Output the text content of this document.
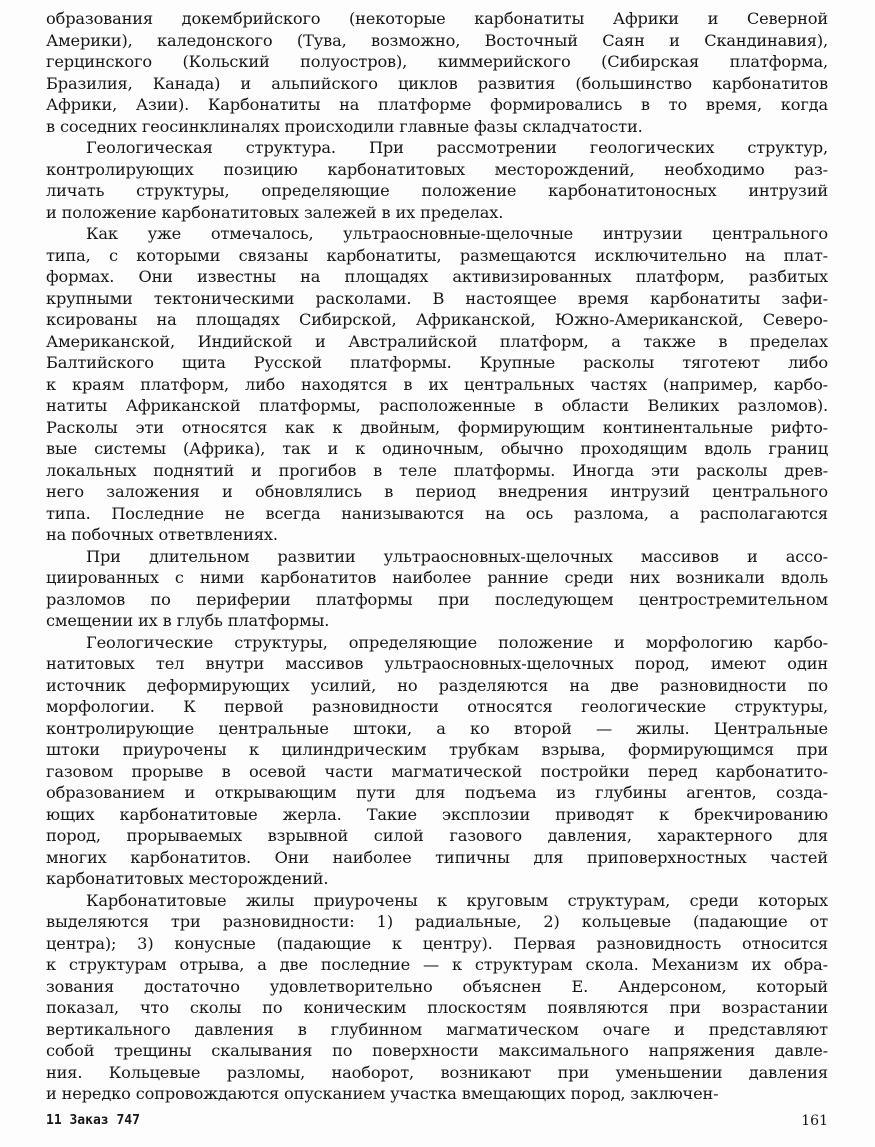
образования докембрийского (некоторые карбонатиты Африки и Северной
Америки), каледонского (Тува, возможно, Восточный Саян и Скандинавия),
герцинского (Кольский полуостров), киммерийского (Сибирская платформа,
Бразилия, Канада) и альпийского циклов развития (большинство карбонатитов
Африки, Азии). Карбонатиты на платформе формировались в то время, когда
в соседних геосинклиналях происходили главные фазы складчатости.
Геологическая структура. При рассмотрении геологических структур,
контролирующих позицию карбонатитовых месторождений, необходимо раз-
личать структуры, определяющие положение карбонатитоносных интрузий
и положение карбонатитовых залежей в их пределах.
Как уже отмечалось, ультраосновные-щелочные интрузии центрального
типа, с которыми связаны карбонатиты, размещаются исключительно на плат-
формах. Они известны на площадях активизированных платформ, разбитых
крупными тектоническими расколами. В настоящее время карбонатиты зафи-
ксированы на площадях Сибирской, Африканской, Южно-Американской, Северо-
Американской, Индийской и Австралийской платформ, а также в пределах
Балтийского щита Русской платформы. Крупные расколы тяготеют либо
к краям платформ, либо находятся в их центральных частях (например, карбо-
натиты Африканской платформы, расположенные в области Великих разломов).
Расколы эти относятся как к двойным, формирующим континентальные рифто-
вые системы (Африка), так и к одиночным, обычно проходящим вдоль границ
локальных поднятий и прогибов в теле платформы. Иногда эти расколы древ-
него заложения и обновлялись в период внедрения интрузий центрального
типа. Последние не всегда нанизываются на ось разлома, а располагаются
на побочных ответвлениях.
При длительном развитии ультраосновных-щелочных массивов и ассо-
циированных с ними карбонатитов наиболее ранние среди них возникали вдоль
разломов по периферии платформы при последующем центростремительном
смещении их в глубь платформы.
Геологические структуры, определяющие положение и морфологию карбо-
натитовых тел внутри массивов ультраосновных-щелочных пород, имеют один
источник деформирующих усилий, но разделяются на две разновидности по
морфологии. К первой разновидности относятся геологические структуры,
контролирующие центральные штоки, а ко второй — жилы. Центральные
штоки приурочены к цилиндрическим трубкам взрыва, формирующимся при
газовом прорыве в осевой части магматической постройки перед карбонатито-
образованием и открывающим пути для подъема из глубины агентов, созда-
ющих карбонатитовые жерла. Такие эксплозии приводят к брекчированию
пород, прорываемых взрывной силой газового давления, характерного для
многих карбонатитов. Они наиболее типичны для приповерхностных частей
карбонатитовых месторождений.
Карбонатитовые жилы приурочены к круговым структурам, среди которых
выделяются три разновидности: 1) радиальные, 2) кольцевые (падающие от
центра); 3) конусные (падающие к центру). Первая разновидность относится
к структурам отрыва, а две последние — к структурам скола. Механизм их обра-
зования достаточно удовлетворительно объяснен Е. Андерсоном, который
показал, что сколы по коническим плоскостям появляются при возрастании
вертикального давления в глубинном магматическом очаге и представляют
собой трещины скалывания по поверхности максимального напряжения давле-
ния. Кольцевые разломы, наоборот, возникают при уменьшении давления
и нередко сопровождаются опусканием участка вмещающих пород, заключен-
11 Заказ 747	161
